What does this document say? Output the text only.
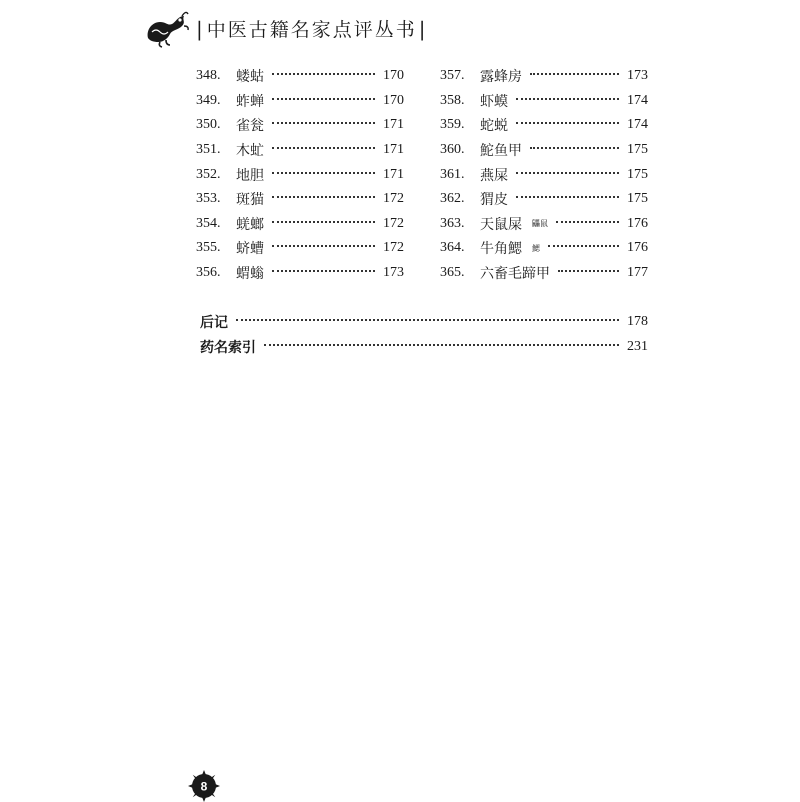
| 中医古籍名家点评丛书 |
348.	蝼蛄	170
349.	蚱蝉	170
350.	雀瓮	171
351.	木虻	171
352.	地胆	171
353.	斑猫	172
354.	蜣螂	172
355.	蛴螬	172
356.	蝟螉	173
357.	露蜂房	173
358.	虾蟆	174
359.	蛇蜕	174
360.	鮀鱼甲	175
361.	燕屎	175
362.	猬皮	175
363.	天鼠屎 鼺鼠	176
364.	牛角鰓 鰓	176
365.	六畜毛蹄甲	177
后记	178
药名索引	231
8
